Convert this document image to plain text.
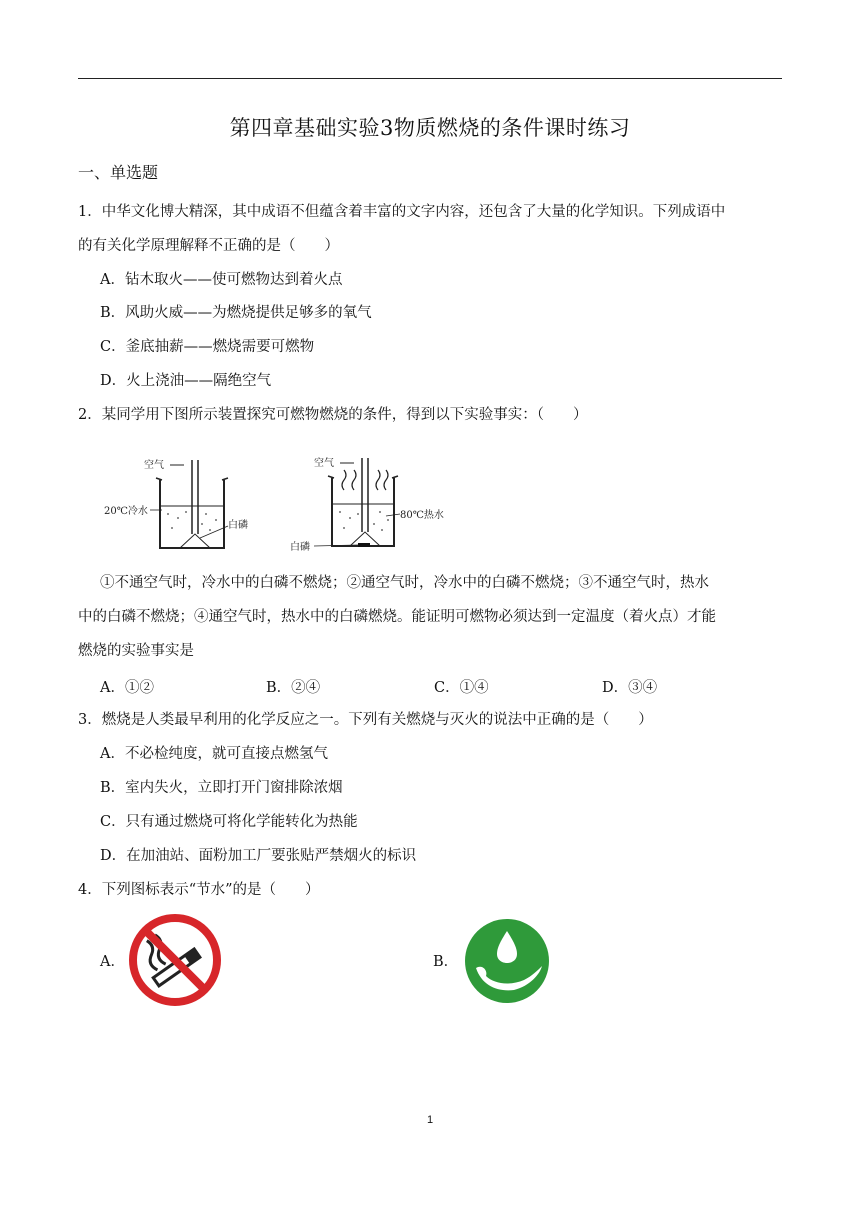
第四章基础实验3物质燃烧的条件课时练习
一、单选题
1．中华文化博大精深，其中成语不但蕴含着丰富的文字内容，还包含了大量的化学知识。下列成语中
的有关化学原理解释不正确的是（　　）
A．钻木取火——使可燃物达到着火点
B．风助火威——为燃烧提供足够多的氧气
C．釜底抽薪——燃烧需要可燃物
D．火上浇油——隔绝空气
2．某同学用下图所示装置探究可燃物燃烧的条件，得到以下实验事实：（　　）
空气
20℃冷水
白磷
空气
80℃热水
白磷
①不通空气时，冷水中的白磷不燃烧；②通空气时，冷水中的白磷不燃烧；③不通空气时，热水
中的白磷不燃烧；④通空气时，热水中的白磷燃烧。能证明可燃物必须达到一定温度（着火点）才能
燃烧的实验事实是
A．①②	B．②④	C．①④	D．③④
3．燃烧是人类最早利用的化学反应之一。下列有关燃烧与灭火的说法中正确的是（　　）
A．不必检纯度，就可直接点燃氢气
B．室内失火，立即打开门窗排除浓烟
C．只有通过燃烧可将化学能转化为热能
D．在加油站、面粉加工厂要张贴严禁烟火的标识
4．下列图标表示“节水”的是（　　）
A．	B．
1
